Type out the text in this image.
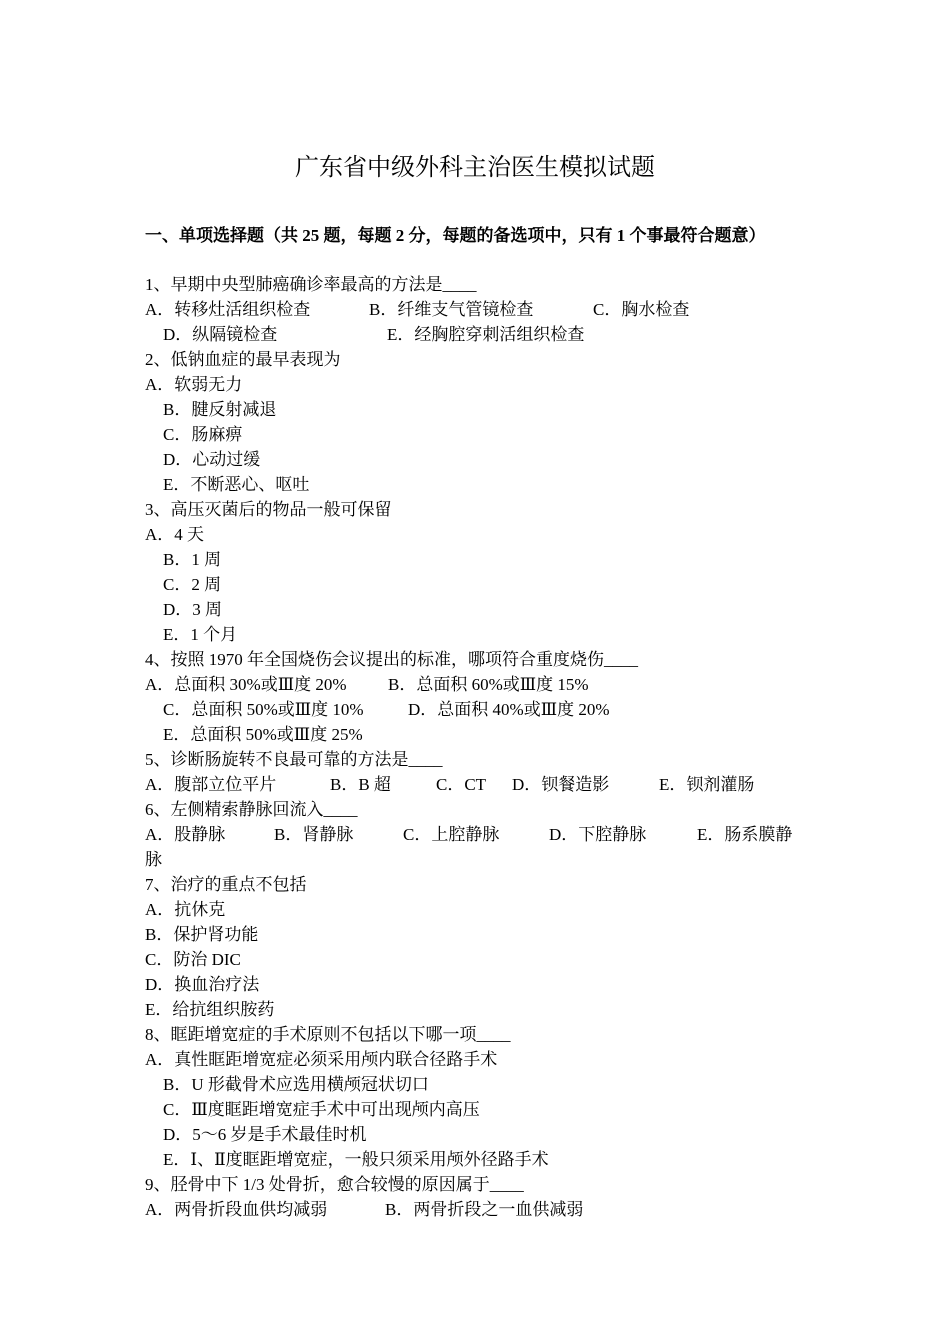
广东省中级外科主治医生模拟试题
一、单项选择题（共 25 题，每题 2 分，每题的备选项中，只有 1 个事最符合题意）
1、早期中央型肺癌确诊率最高的方法是____
A．转移灶活组织检查	B．纤维支气管镜检查	C．胸水检查
D．纵隔镜检查	E．经胸腔穿刺活组织检查
2、低钠血症的最早表现为
A．软弱无力
B．腱反射减退
C．肠麻痹
D．心动过缓
E．不断恶心、呕吐
3、高压灭菌后的物品一般可保留
A．4 天
B．1 周
C．2 周
D．3 周
E．1 个月
4、按照 1970 年全国烧伤会议提出的标准，哪项符合重度烧伤____
A．总面积 30%或Ⅲ度 20% B．总面积 60%或Ⅲ度 15%
C．总面积 50%或Ⅲ度 10%	D．总面积 40%或Ⅲ度 20%
E．总面积 50%或Ⅲ度 25%
5、诊断肠旋转不良最可靠的方法是____
A．腹部立位平片	B．B 超	C．CT D．钡餐造影	E．钡剂灌肠
6、左侧精索静脉回流入____
A．股静脉	B．肾静脉	C．上腔静脉	D．下腔静脉	E．肠系膜静
脉
7、治疗的重点不包括
A．抗休克
B．保护肾功能
C．防治 DIC
D．换血治疗法
E．给抗组织胺药
8、眶距增宽症的手术原则不包括以下哪一项____
A．真性眶距增宽症必须采用颅内联合径路手术
B．U 形截骨术应选用横颅冠状切口
C．Ⅲ度眶距增宽症手术中可出现颅内高压
D．5～6 岁是手术最佳时机
E．Ⅰ、Ⅱ度眶距增宽症，一般只须采用颅外径路手术
9、胫骨中下 1/3 处骨折，愈合较慢的原因属于____
A．两骨折段血供均减弱	B．两骨折段之一血供减弱
